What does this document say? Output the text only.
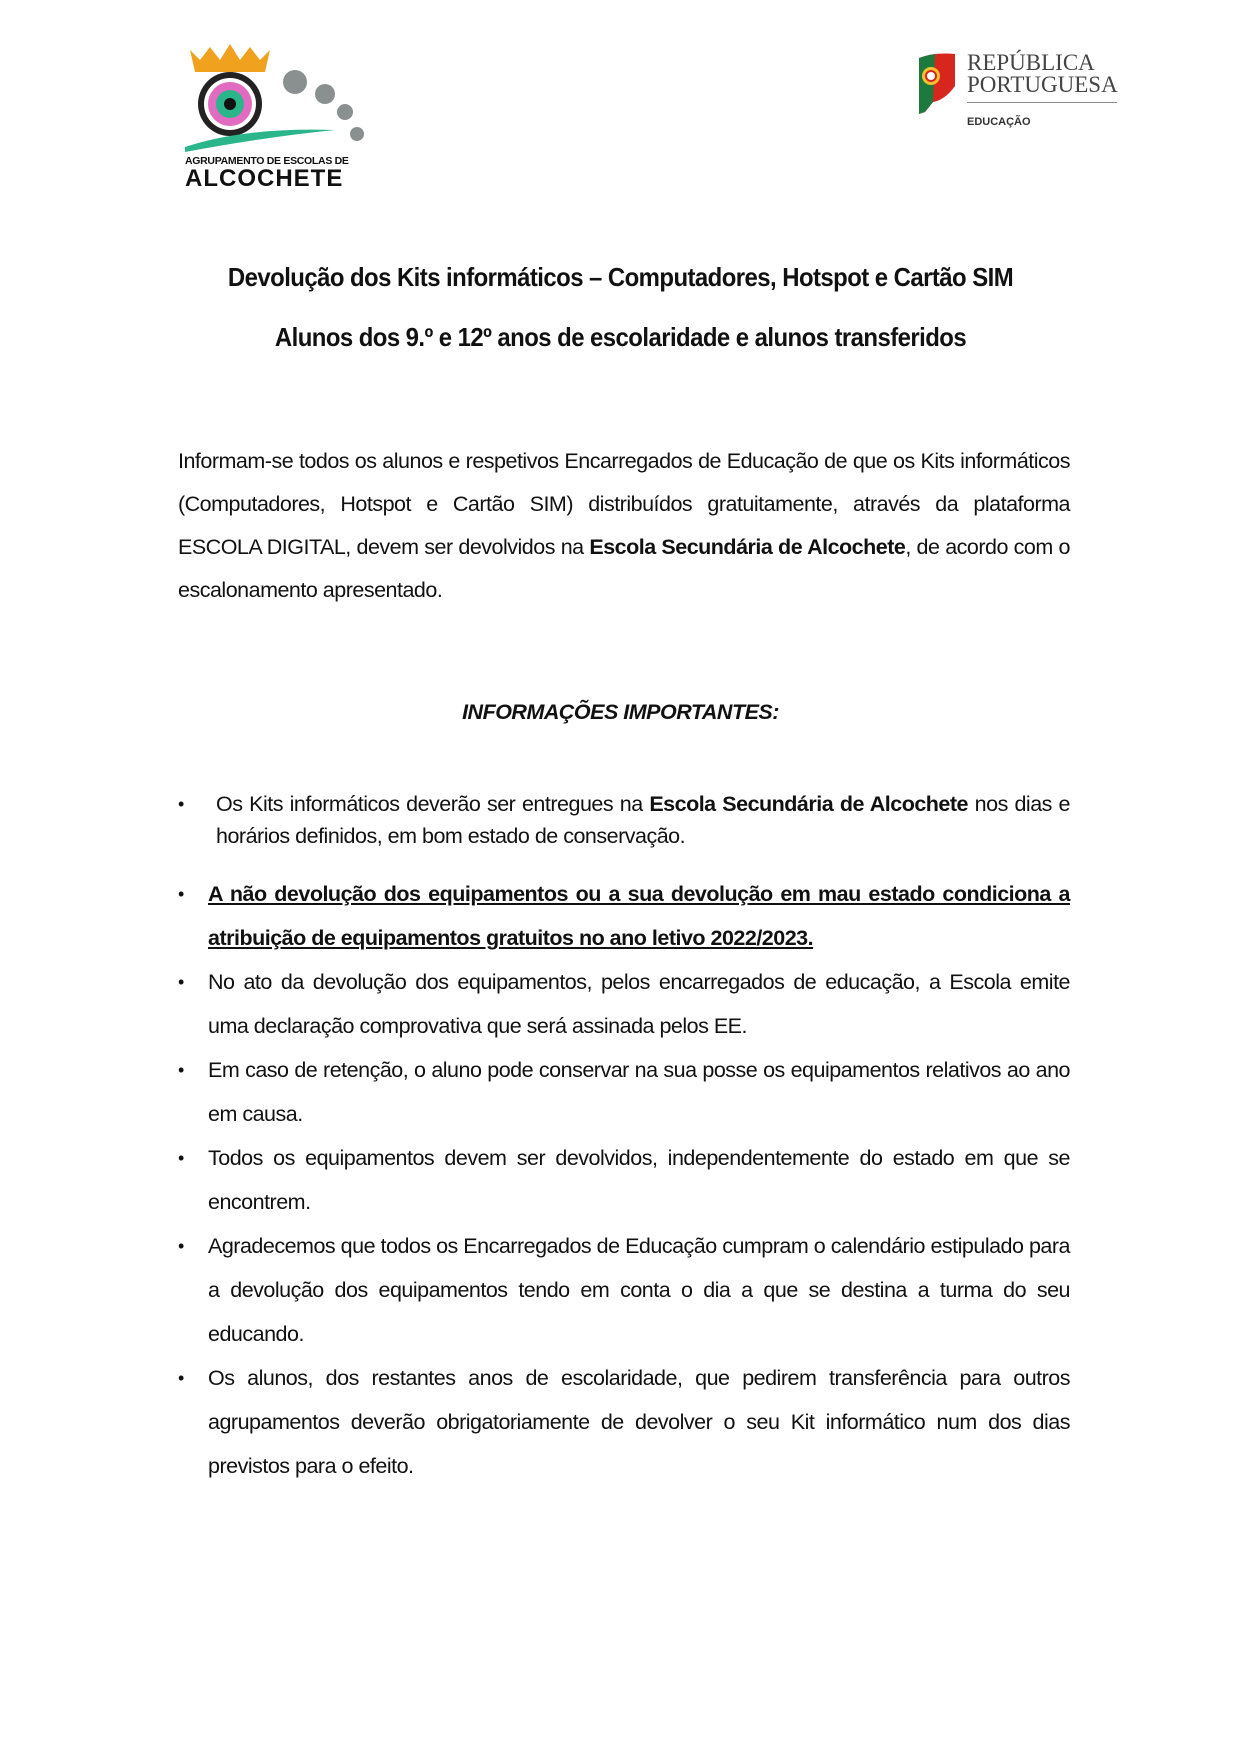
AGRUPAMENTO DE ESCOLAS DE
ALCOCHETE
REPÚBLICA
PORTUGUESA
EDUCAÇÃO
Devolução dos Kits informáticos – Computadores, Hotspot e Cartão SIM
Alunos dos 9.º e 12º anos de escolaridade e alunos transferidos
Informam-se todos os alunos e respetivos Encarregados de Educação de que os Kits informáticos (Computadores, Hotspot e Cartão SIM) distribuídos gratuitamente, através da plataforma ESCOLA DIGITAL, devem ser devolvidos na Escola Secundária de Alcochete, de acordo com o escalonamento apresentado.
INFORMAÇÕES IMPORTANTES:
• Os Kits informáticos deverão ser entregues na Escola Secundária de Alcochete nos dias e horários definidos, em bom estado de conservação.
• A não devolução dos equipamentos ou a sua devolução em mau estado condiciona a atribuição de equipamentos gratuitos no ano letivo 2022/2023.
• No ato da devolução dos equipamentos, pelos encarregados de educação, a Escola emite uma declaração comprovativa que será assinada pelos EE.
• Em caso de retenção, o aluno pode conservar na sua posse os equipamentos relativos ao ano em causa.
• Todos os equipamentos devem ser devolvidos, independentemente do estado em que se encontrem.
• Agradecemos que todos os Encarregados de Educação cumpram o calendário estipulado para a devolução dos equipamentos tendo em conta o dia a que se destina a turma do seu educando.
• Os alunos, dos restantes anos de escolaridade, que pedirem transferência para outros agrupamentos deverão obrigatoriamente de devolver o seu Kit informático num dos dias previstos para o efeito.
